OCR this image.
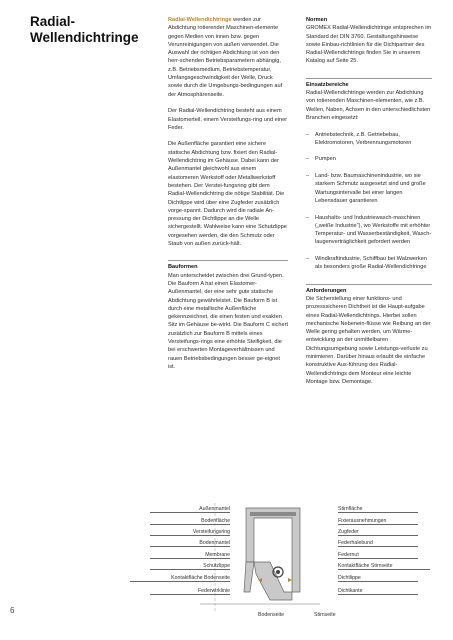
Radial-
Wellendichtringe

Radial-Wellendichtringe werden zur Abdichtung rotierender Maschinen-elemente gegen Medien von innen bzw. gegen Verunreinigungen von außen verwendet. Die Auswahl der richtigen Abdichtung ist von den herr-schenden Betriebsparametern abhängig, z.B. Betriebsmedium, Betriebstemperatur, Umfangsgeschwindigkeit der Welle, Druck sowie durch die Umgebungs-bedingungen auf der Atmosphärenseite.

Der Radial-Wellendichtring besteht aus einem Elastomerteil, einem Versteifungs-ring und einer Feder.

Die Außenfläche garantiert eine sichere statische Abdichtung bzw. fixiert den Radial-Wellendichtring im Gehäuse. Dabei kann der Außenmantel gleichwohl aus einem elastomeren Werkstoff oder Metallwerkstoff bestehen. Der Verstei-fungsring gibt dem Radial-Wellendichtring die nötige Stabilität. Die Dichtlippe wird über eine Zugfeder zusätzlich vorge-spannt. Dadurch wird die radiale An-pressung der Dichtlippe an die Welle sichergestellt. Wahlweise kann eine Schutzlippe vorgesehen werden, die den Schmutz oder Staub von außen zurück-hält.

Bauformen

Man unterscheidet zwischen drei Grund-typen. Die Bauform A hat einen Elastomer-Außenmantel, der eine sehr gute statische Abdichtung gewährleistet. Die Bauform B ist durch eine metallische Außenfläche gekennzeichnet, die einen festen und exakten Sitz im Gehäuse be-wirkt. Die Bauform C sichert zusätzlich zur Bauform B mittels eines Versteifungs-rings eine erhöhte Steifigkeit, die bei erschwerten Montageverhältnissen und rauen Betriebsbedingungen besser ge-eignet ist.

Normen

GROMEX Radial-Wellendichtringe entsprechen im Standard der DIN 3760. Gestaltungshinweise sowie Einbau-richtlinien für die Dichtpartner des Radial-Wellendichtrings finden Sie in unserem Katalog auf Seite 25.

Einsatzbereiche

Radial-Wellendichtringe werden zur Abdichtung von rotierenden Maschinen-elementen, wie z.B. Wellen, Naben, Achsen in den unterschiedlichsten Branchen eingesetzt:

–	Antriebstechnik, z.B. Getriebebau, Elektromotoren, Verbrennungsmotoren
–	Pumpen
–	Land- bzw. Baumaschinenindustrie, wo sie starkem Schmutz ausgesetzt sind und große Wartungsintervalle bei einer langen Lebensdauer garantieren
–	Haushalts- und Industriewasch-maschinen („weiße Industrie"), wo Werkstoffe mit erhöhter Temperatur- und Wasserbeständigkeit, Wasch-laugenverträglichkeit gefordert werden
–	Windkraftindustrie, Schiffbau bei Walzwerken als besonders große Radial-Wellendichtringe
Anforderungen

Die Sicherstellung einer funktions- und prozesssicheren Dichtheit ist die Haupt-aufgabe eines Radial-Wellendichtrings. Hierbei sollen mechanische Nebenein-flüsse wie Reibung an der Welle gering gehalten werden, um Wärme-entwicklung an der unmittelbaren Dichtungsumgebung sowie Leistungs-verluste zu minimieren. Darüber hinaus erlaubt die einfache konstruktive Aus-führung des Radial-Wellendichtrings dem Monteur eine leichte Montage bzw. Demontage.

Außenmantel
Bodenfläche
Versteifungsring
Bodenmantel
Membrane
Schutzlippe
Kontaktfläche Bodenseite
Federwirklinie
Stirnfläche
Fixierausnehmungen
Zugfeder
Federhalebund
Federnut
Kontaktfläche Stirnseite
Dichtlippe
Dichtkante
Bodenseite	Stirnseite
6
